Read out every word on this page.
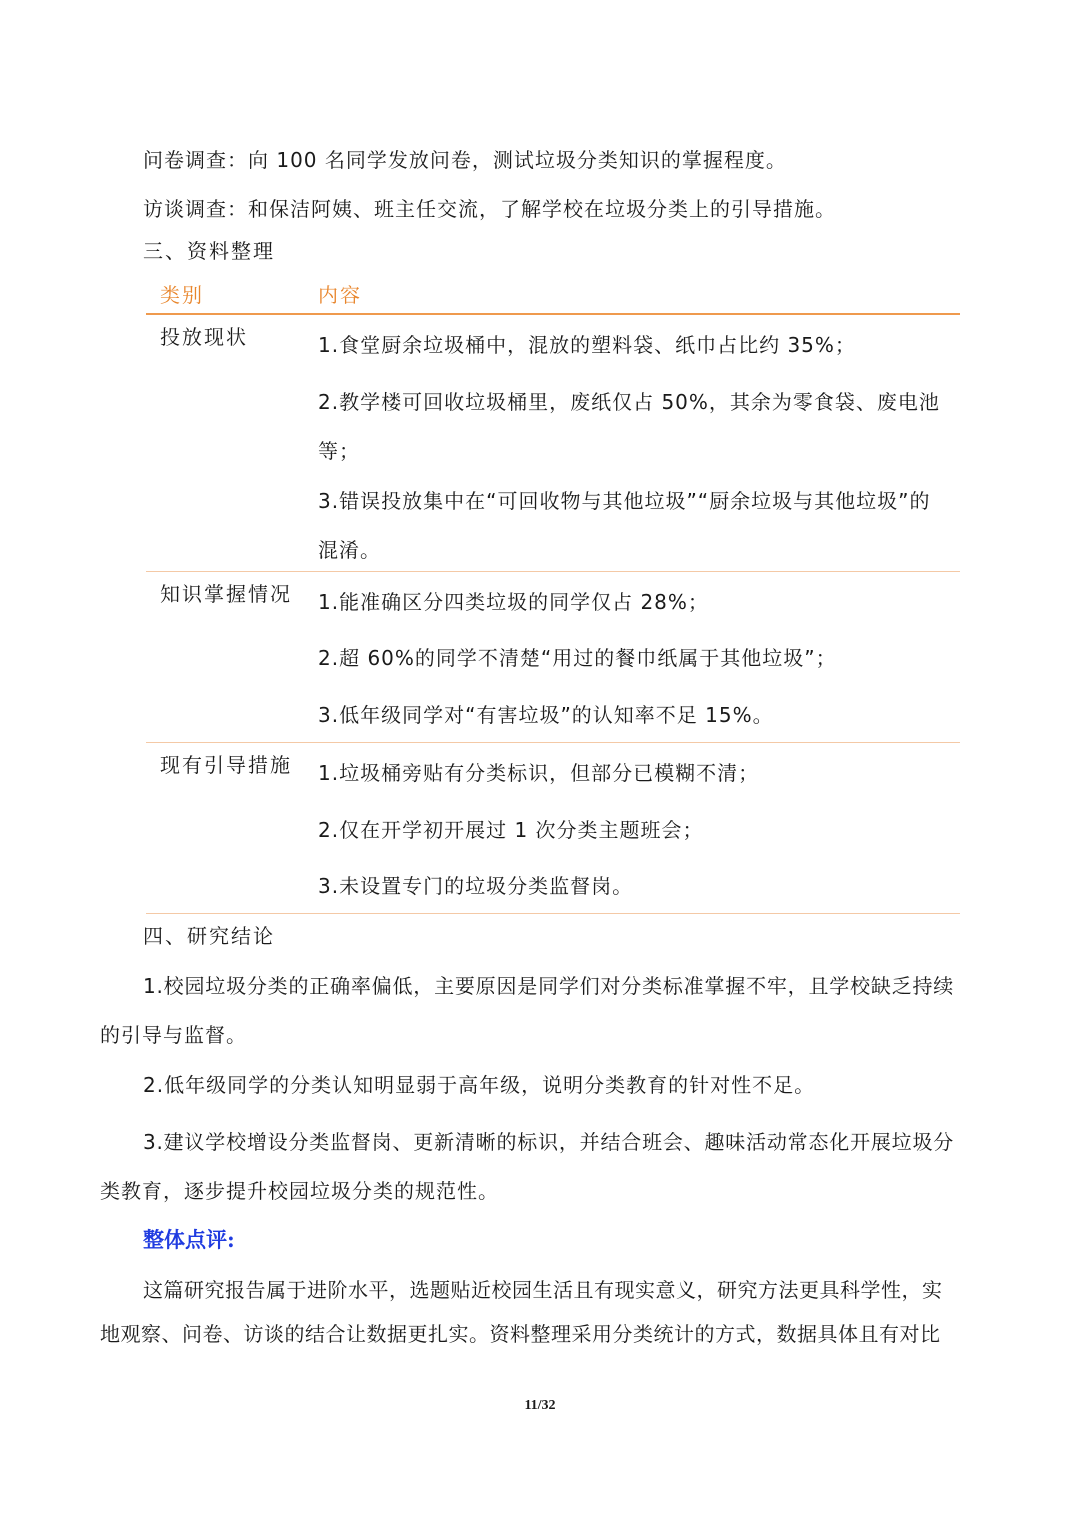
问卷调查：向 100 名同学发放问卷，测试垃圾分类知识的掌握程度。
访谈调查：和保洁阿姨、班主任交流，了解学校在垃圾分类上的引导措施。
三、资料整理
类别	内容
投放现状	1.食堂厨余垃圾桶中，混放的塑料袋、纸巾占比约 35%；
2.教学楼可回收垃圾桶里，废纸仅占 50%，其余为零食袋、废电池
等；
3.错误投放集中在“可回收物与其他垃圾”“厨余垃圾与其他垃圾”的
混淆。
知识掌握情况 1.能准确区分四类垃圾的同学仅占 28%；
2.超 60%的同学不清楚“用过的餐巾纸属于其他垃圾”；
3.低年级同学对“有害垃圾”的认知率不足 15%。
现有引导措施 1.垃圾桶旁贴有分类标识，但部分已模糊不清；
2.仅在开学初开展过 1 次分类主题班会；
3.未设置专门的垃圾分类监督岗。
四、研究结论
1.校园垃圾分类的正确率偏低，主要原因是同学们对分类标准掌握不牢，且学校缺乏持续
的引导与监督。
2.低年级同学的分类认知明显弱于高年级，说明分类教育的针对性不足。
3.建议学校增设分类监督岗、更新清晰的标识，并结合班会、趣味活动常态化开展垃圾分
类教育，逐步提升校园垃圾分类的规范性。
整体点评:
这篇研究报告属于进阶水平，选题贴近校园生活且有现实意义，研究方法更具科学性，实
地观察、问卷、访谈的结合让数据更扎实。资料整理采用分类统计的方式，数据具体且有对比
11/32
